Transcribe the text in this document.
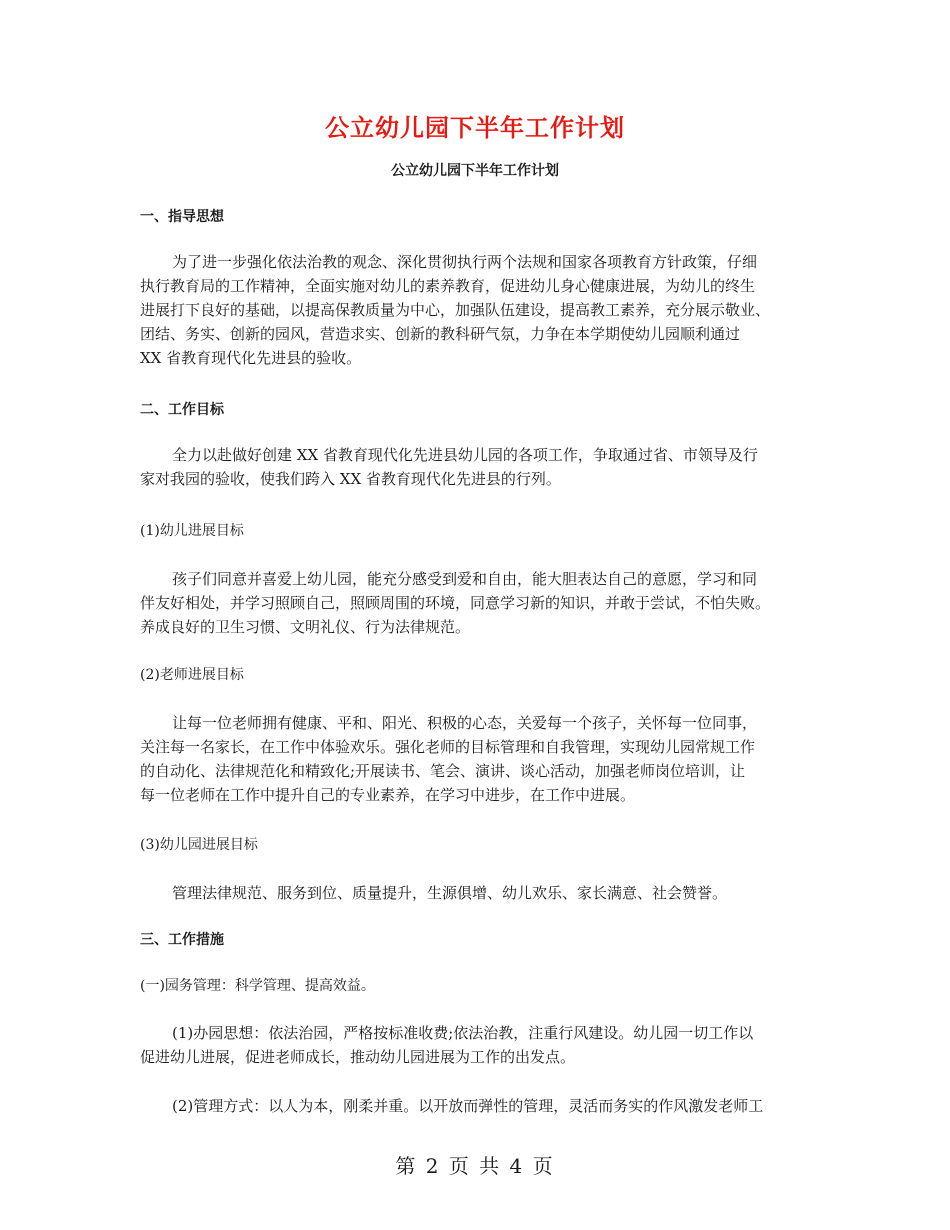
公立幼儿园下半年工作计划
公立幼儿园下半年工作计划
一、指导思想

为了进一步强化依法治教的观念、深化贯彻执行两个法规和国家各项教育方针政策，仔细

执行教育局的工作精神，全面实施对幼儿的素养教育，促进幼儿身心健康进展，为幼儿的终生

进展打下良好的基础，以提高保教质量为中心，加强队伍建设，提高教工素养，充分展示敬业、

团结、务实、创新的园风，营造求实、创新的教科研气氛，力争在本学期使幼儿园顺利通过

XX 省教育现代化先进县的验收。

二、工作目标

全力以赴做好创建 XX 省教育现代化先进县幼儿园的各项工作，争取通过省、市领导及行

家对我园的验收，使我们跨入 XX 省教育现代化先进县的行列。

(1)幼儿进展目标

孩子们同意并喜爱上幼儿园，能充分感受到爱和自由，能大胆表达自己的意愿，学习和同

伴友好相处，并学习照顾自己，照顾周围的环境，同意学习新的知识，并敢于尝试，不怕失败。

养成良好的卫生习惯、文明礼仪、行为法律规范。

(2)老师进展目标

让每一位老师拥有健康、平和、阳光、积极的心态，关爱每一个孩子，关怀每一位同事，

关注每一名家长，在工作中体验欢乐。强化老师的目标管理和自我管理，实现幼儿园常规工作

的自动化、法律规范化和精致化;开展读书、笔会、演讲、谈心活动，加强老师岗位培训，让

每一位老师在工作中提升自己的专业素养，在学习中进步，在工作中进展。

(3)幼儿园进展目标

管理法律规范、服务到位、质量提升，生源俱增、幼儿欢乐、家长满意、社会赞誉。

三、工作措施
(一)园务管理：科学管理、提高效益。

(1)办园思想：依法治园，严格按标准收费;依法治教，注重行风建设。幼儿园一切工作以

促进幼儿进展，促进老师成长，推动幼儿园进展为工作的出发点。

(2)管理方式：以人为本，刚柔并重。以开放而弹性的管理，灵活而务实的作风激发老师工

第 2 页 共 4 页
